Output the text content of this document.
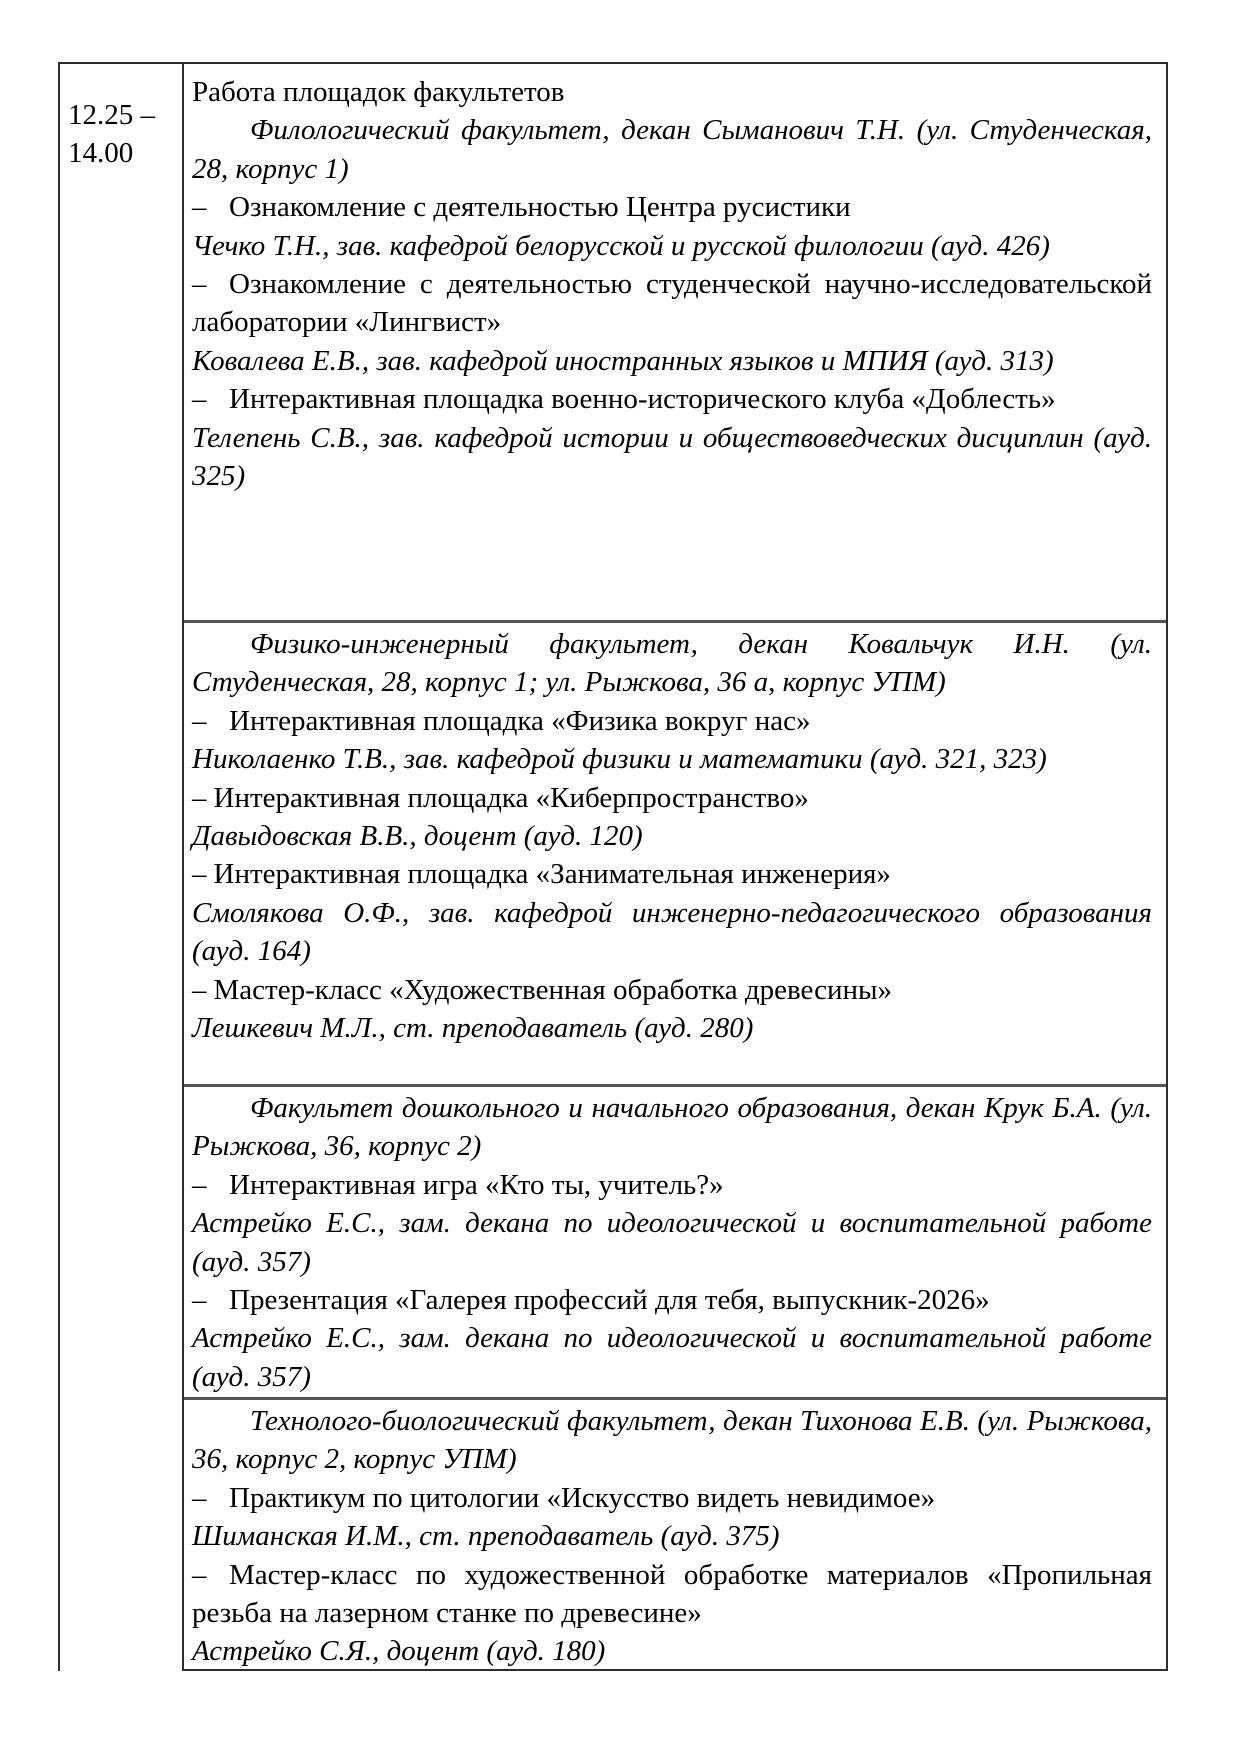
12.25 –
14.00

Работа площадок факультетов

Филологический факультет, декан Сыманович Т.Н. (ул. Студенческая, 28, корпус 1)

– Ознакомление с деятельностью Центра русистики

Чечко Т.Н., зав. кафедрой белорусской и русской филологии (ауд. 426)

– Ознакомление с деятельностью студенческой научно-исследовательской лаборатории «Лингвист»

Ковалева Е.В., зав. кафедрой иностранных языков и МПИЯ (ауд. 313)

– Интерактивная площадка военно-исторического клуба «Доблесть»

Телепень С.В., зав. кафедрой истории и обществоведческих дисциплин (ауд. 325)

Физико-инженерный факультет, декан Ковальчук И.Н. (ул. Студенческая, 28, корпус 1; ул. Рыжкова, 36 а, корпус УПМ)

– Интерактивная площадка «Физика вокруг нас»

Николаенко Т.В., зав. кафедрой физики и математики (ауд. 321, 323)

– Интерактивная площадка «Киберпространство»

Давыдовская В.В., доцент (ауд. 120)

– Интерактивная площадка «Занимательная инженерия»

Смолякова О.Ф., зав. кафедрой инженерно-педагогического образования (ауд. 164)

– Мастер-класс «Художественная обработка древесины»

Лешкевич М.Л., ст. преподаватель (ауд. 280)

Факультет дошкольного и начального образования, декан Крук Б.А. (ул. Рыжкова, 36, корпус 2)

– Интерактивная игра «Кто ты, учитель?»

Астрейко Е.С., зам. декана по идеологической и воспитательной работе (ауд. 357)

– Презентация «Галерея профессий для тебя, выпускник-2026»

Астрейко Е.С., зам. декана по идеологической и воспитательной работе (ауд. 357)

Технолого-биологический факультет, декан Тихонова Е.В. (ул. Рыжкова, 36, корпус 2, корпус УПМ)

– Практикум по цитологии «Искусство видеть невидимое»

Шиманская И.М., ст. преподаватель (ауд. 375)

– Мастер-класс по художественной обработке материалов «Пропильная резьба на лазерном станке по древесине»

Астрейко С.Я., доцент (ауд. 180)
